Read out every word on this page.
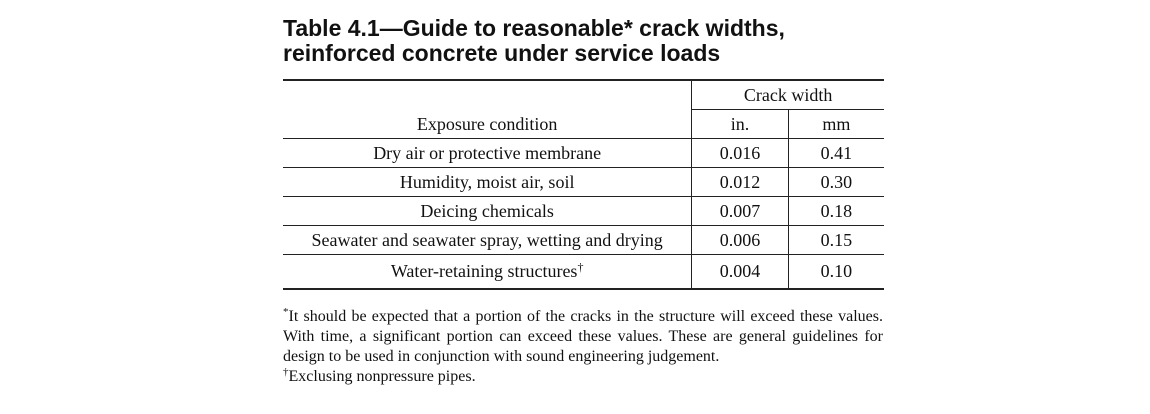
Table 4.1—Guide to reasonable* crack widths,
reinforced concrete under service loads
Exposure condition	Crack width	
	in.	mm
Dry air or protective membrane	0.016	0.41
Humidity, moist air, soil	0.012	0.30
Deicing chemicals	0.007	0.18
Seawater and seawater spray, wetting and drying	0.006	0.15
Water-retaining structures†	0.004	0.10

*It should be expected that a portion of the cracks in the structure will exceed these values. With time, a significant portion can exceed these values. These are general guidelines for design to be used in conjunction with sound engineering judgement.

†Exclusing nonpressure pipes.
